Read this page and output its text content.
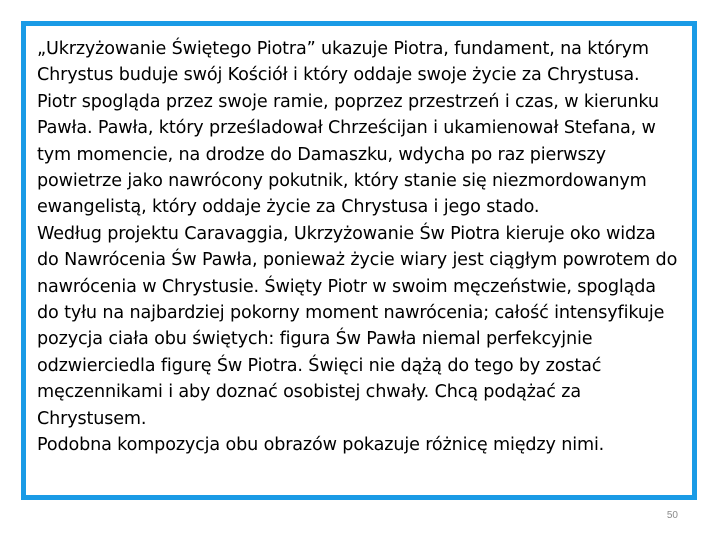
„Ukrzyżowanie Świętego Piotra” ukazuje Piotra, fundament, na którym Chrystus buduje swój Kościół i który oddaje swoje życie za Chrystusa. Piotr spogląda przez swoje ramie, poprzez przestrzeń i czas, w kierunku Pawła. Pawła, który prześladował Chrześcijan i ukamienował Stefana, w tym momencie, na drodze do Damaszku, wdycha po raz pierwszy powietrze jako nawrócony pokutnik, który stanie się niezmordowanym ewangelistą, który oddaje życie za Chrystusa i jego stado.

Według projektu Caravaggia, Ukrzyżowanie Św Piotra kieruje oko widza do Nawrócenia Św Pawła, ponieważ życie wiary jest ciągłym powrotem do nawrócenia w Chrystusie. Święty Piotr w swoim męczeństwie, spogląda do tyłu na najbardziej pokorny moment nawrócenia; całość intensyfikuje pozycja ciała obu świętych: figura Św Pawła niemal perfekcyjnie odzwierciedla figurę Św Piotra. Święci nie dążą do tego by zostać męczennikami i aby doznać osobistej chwały. Chcą podążać za Chrystusem.

Podobna kompozycja obu obrazów pokazuje różnicę między nimi.

50
